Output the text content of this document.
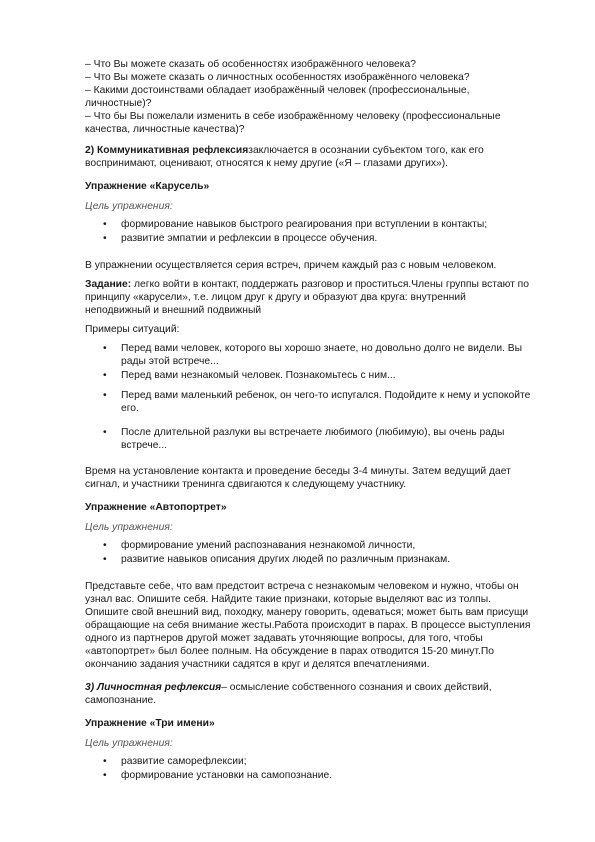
– Что Вы можете сказать об особенностях изображённого человека?

– Что Вы можете сказать о личностных особенностях изображённого человека?

– Какими достоинствами обладает изображённый человек (профессиональные,

личностные)?

– Что бы Вы пожелали изменить в себе изображённому человеку (профессиональные

качества, личностные качества)?

2) Коммуникативная рефлексиязаключается в осознании субъектом того, как его

воспринимают, оценивают, относятся к нему другие («Я – глазами других»).

Упражнение «Карусель»

Цель упражнения:

• формирование навыков быстрого реагирования при вступлении в контакты;
• развитие эмпатии и рефлексии в процессе обучения.

В упражнении осуществляется серия встреч, причем каждый раз с новым человеком.

Задание: легко войти в контакт, поддержать разговор и проститься.Члены группы встают по

принципу «карусели», т.е. лицом друг к другу и образуют два круга: внутренний

неподвижный и внешний подвижный

Примеры ситуаций:

• Перед вами человек, которого вы хорошо знаете, но довольно долго не видели. Вы

рады этой встрече...

• Перед вами незнакомый человек. Познакомьтесь с ним...

• Перед вами маленький ребенок, он чего-то испугался. Подойдите к нему и успокойте

его.

• После длительной разлуки вы встречаете любимого (любимую), вы очень рады

встрече...

Время на установление контакта и проведение беседы 3-4 минуты. Затем ведущий дает

сигнал, и участники тренинга сдвигаются к следующему участнику.

Упражнение «Автопортрет»

Цель упражнения:

• формирование умений распознавания незнакомой личности,
• развитие навыков описания других людей по различным признакам.

Представьте себе, что вам предстоит встреча с незнакомым человеком и нужно, чтобы он

узнал вас. Опишите себя. Найдите такие признаки, которые выделяют вас из толпы.

Опишите свой внешний вид, походку, манеру говорить, одеваться; может быть вам присущи

обращающие на себя внимание жесты.Работа происходит в парах. В процессе выступления

одного из партнеров другой может задавать уточняющие вопросы, для того, чтобы

«автопортрет» был более полным. На обсуждение в парах отводится 15-20 минут.По

окончанию задания участники садятся в круг и делятся впечатлениями.

3) Личностная рефлексия– осмысление собственного сознания и своих действий,

самопознание.

Упражнение «Три имени»

Цель упражнения:

• развитие саморефлексии;
• формирование установки на самопознание.
